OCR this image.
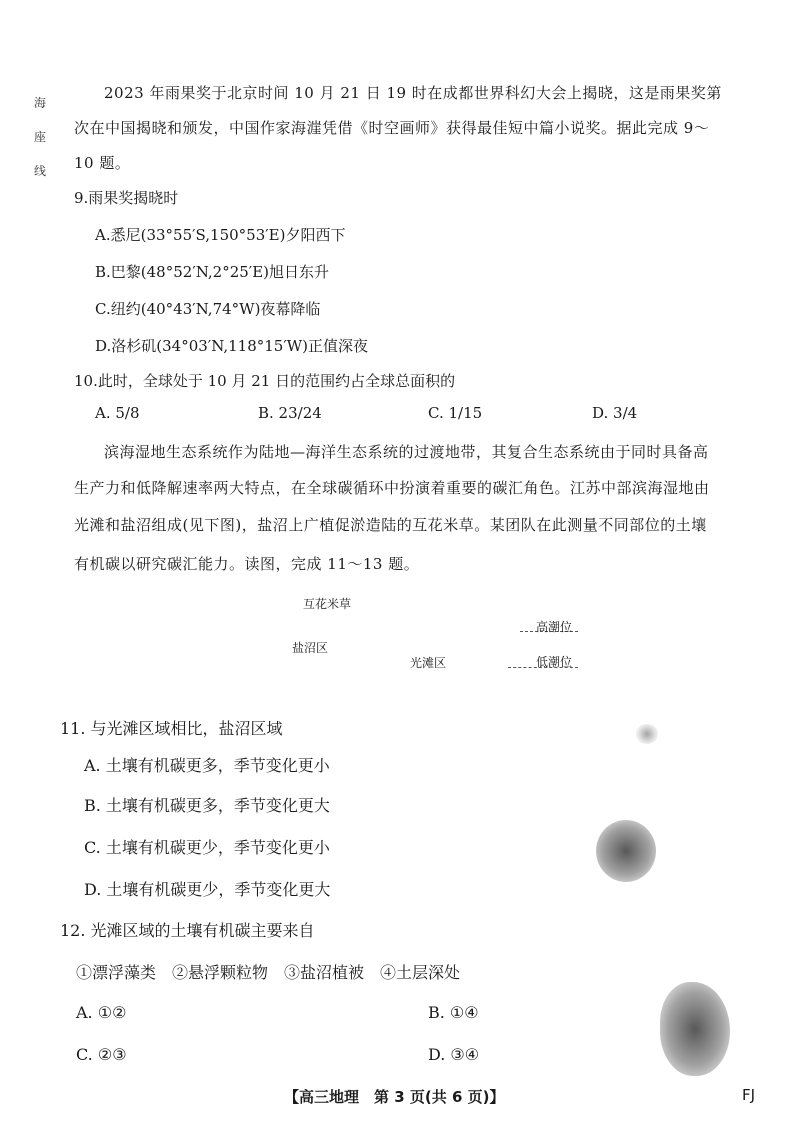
海
座
线
2023 年雨果奖于北京时间 10 月 21 日 19 时在成都世界科幻大会上揭晓，这是雨果奖第
次在中国揭晓和颁发，中国作家海漄凭借《时空画师》获得最佳短中篇小说奖。据此完成 9～
10 题。
9.雨果奖揭晓时
A.悉尼(33°55′S,150°53′E)夕阳西下
B.巴黎(48°52′N,2°25′E)旭日东升
C.纽约(40°43′N,74°W)夜幕降临
D.洛杉矶(34°03′N,118°15′W)正值深夜
10.此时，全球处于 10 月 21 日的范围约占全球总面积的
A. 5/8	B. 23/24	C. 1/15	D. 3/4
滨海湿地生态系统作为陆地—海洋生态系统的过渡地带，其复合生态系统由于同时具备高
生产力和低降解速率两大特点，在全球碳循环中扮演着重要的碳汇角色。江苏中部滨海湿地由
光滩和盐沼组成(见下图)，盐沼上广植促淤造陆的互花米草。某团队在此测量不同部位的土壤
有机碳以研究碳汇能力。读图，完成 11～13 题。
互花米草
高潮位
盐沼区
光滩区	低潮位
11. 与光滩区域相比，盐沼区域
A. 土壤有机碳更多，季节变化更小
B. 土壤有机碳更多，季节变化更大
C. 土壤有机碳更少，季节变化更小
D. 土壤有机碳更少，季节变化更大
12. 光滩区域的土壤有机碳主要来自
①漂浮藻类　②悬浮颗粒物　③盐沼植被　④土层深处
A. ①②	B. ①④
C. ②③	D. ③④
【高三地理　第 3 页(共 6 页)】	FJ
